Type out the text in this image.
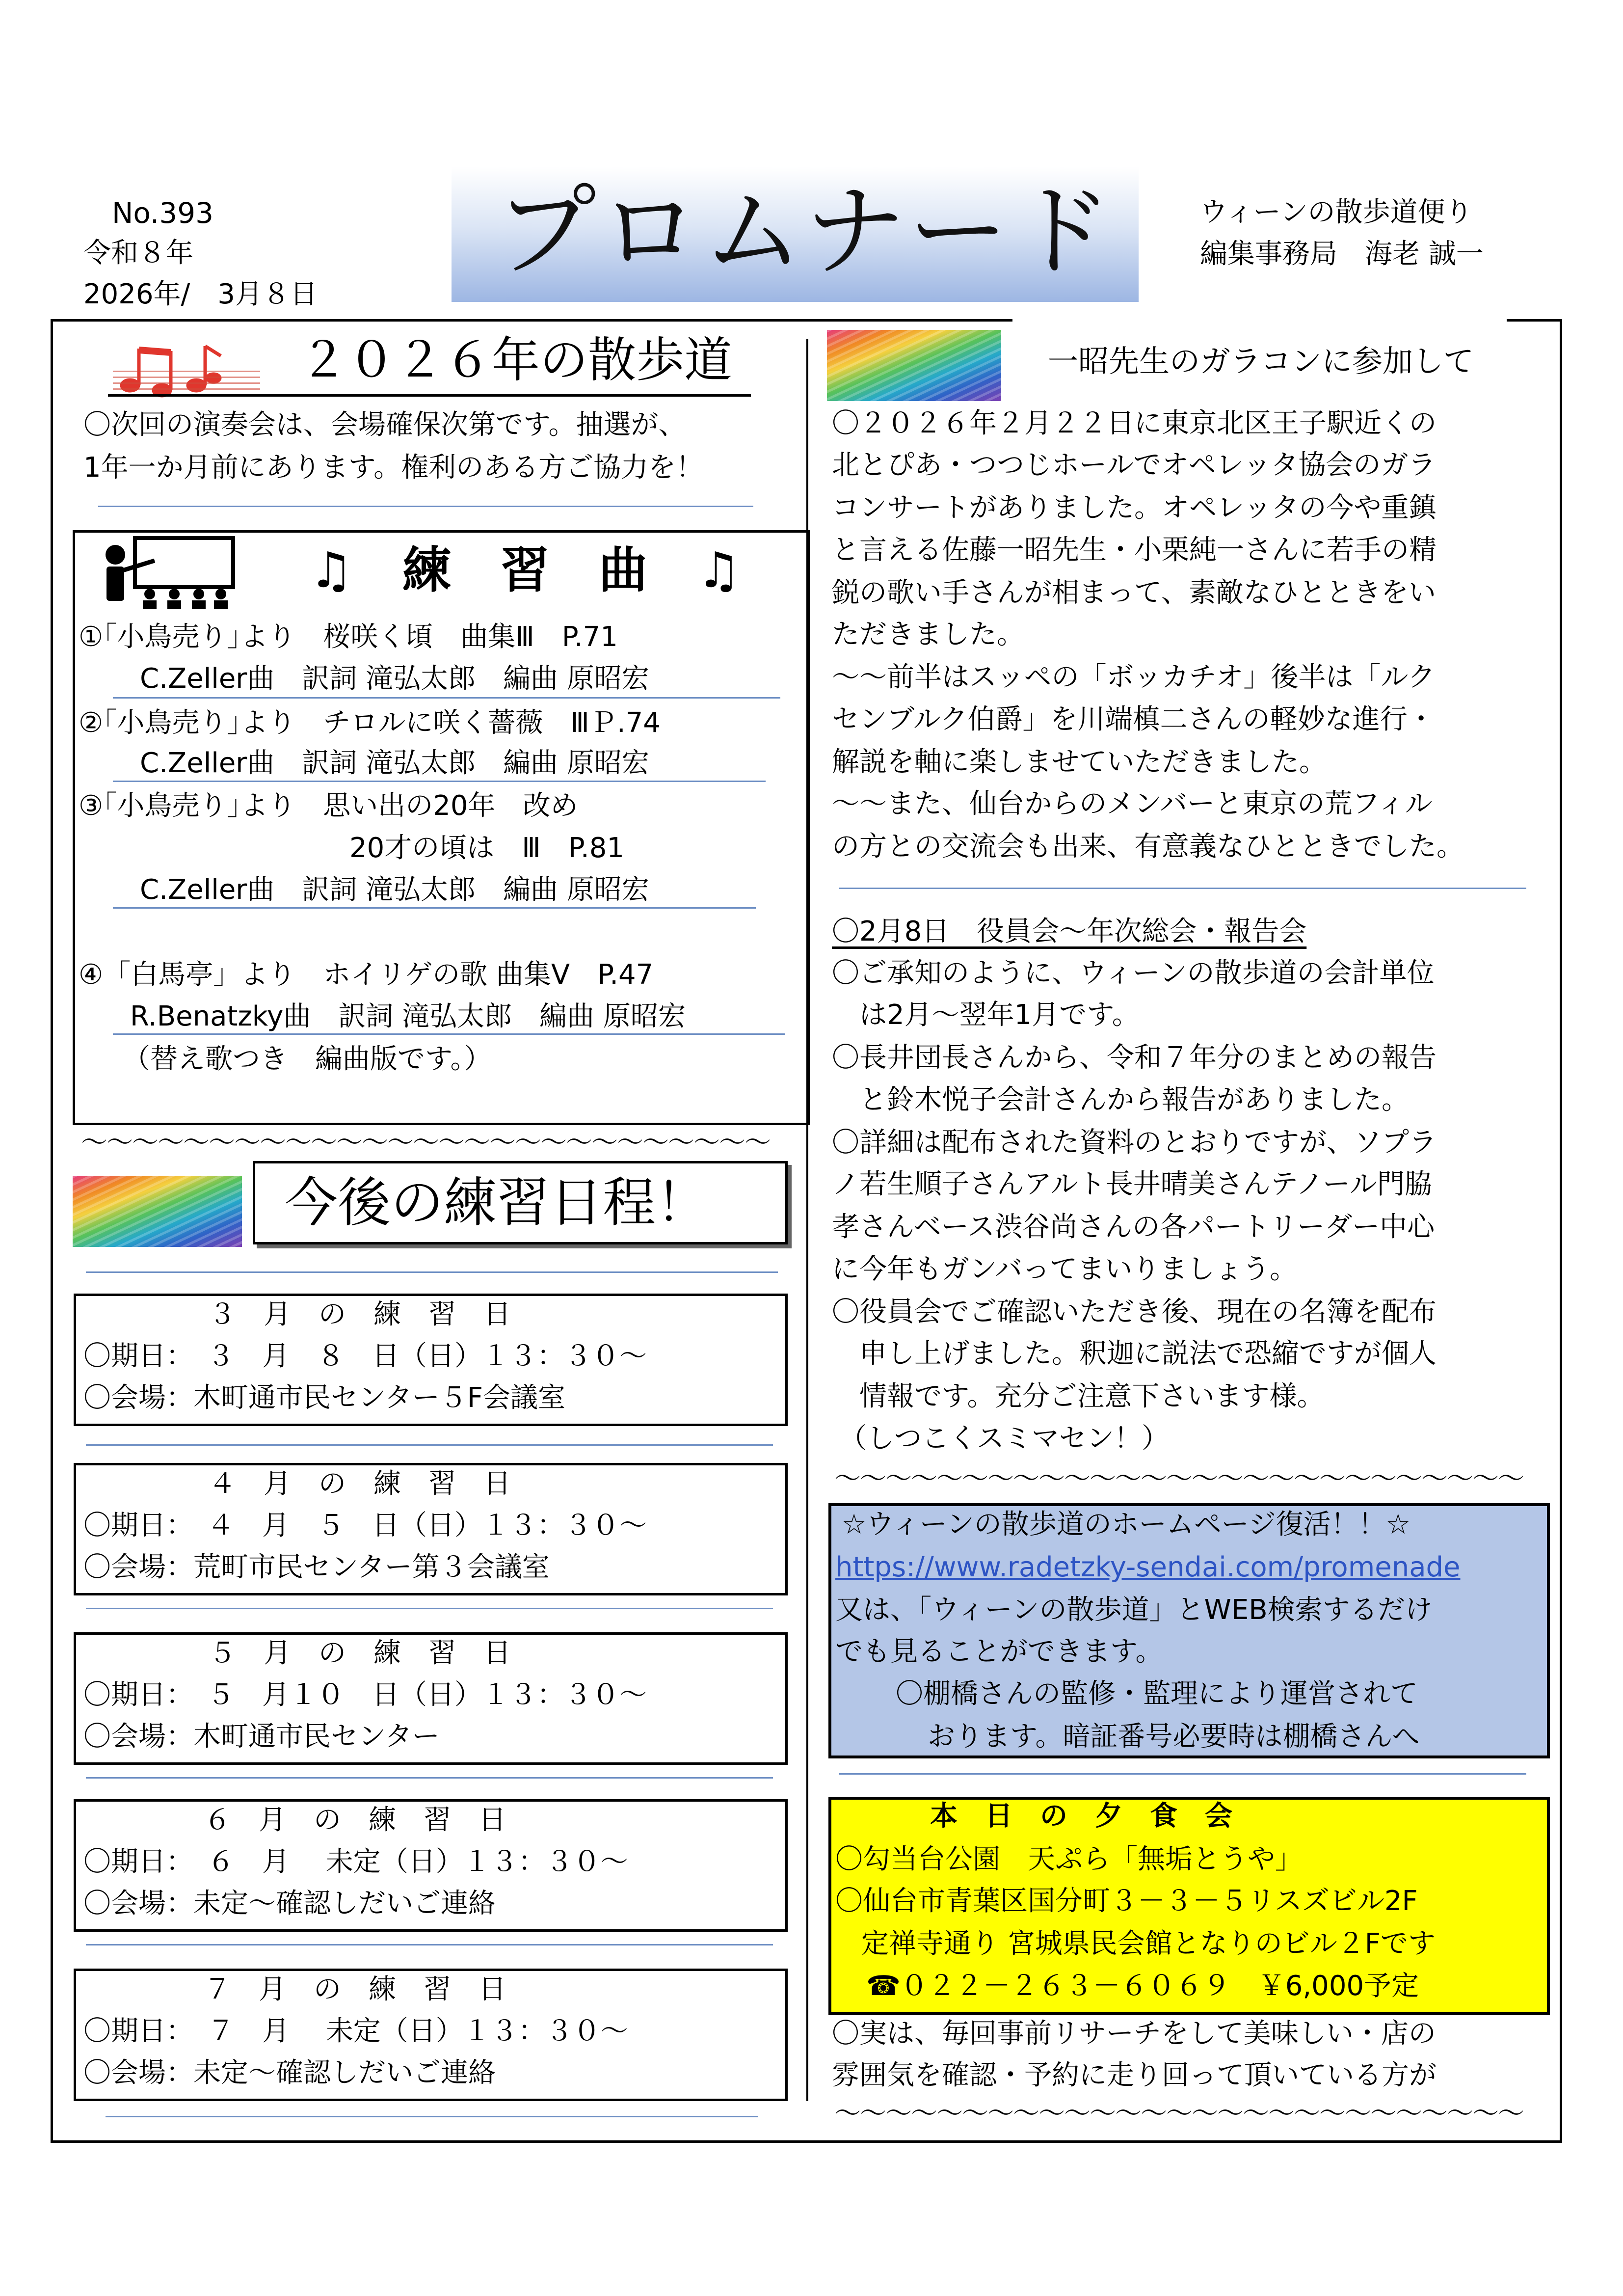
No.393
令和８年
2026年/　3月８日
プロムナード	ウィーンの散歩道便り
編集事務局　海老 誠一
２０２６年の散歩道
〇次回の演奏会は、会場確保次第です。抽選が、
1年一か月前にあります。権利のある方ご協力を！
♫　練　習　曲　♫
①｢小鳥売り｣より　桜咲く頃　曲集Ⅲ　P.71
C.Zeller曲　訳詞 滝弘太郎　編曲 原昭宏
②｢小鳥売り｣より　チロルに咲く薔薇　ⅢＰ.74
C.Zeller曲　訳詞 滝弘太郎　編曲 原昭宏
③｢小鳥売り｣より　思い出の20年　改め
20才の頃は　Ⅲ　P.81
C.Zeller曲　訳詞 滝弘太郎　編曲 原昭宏
④「白馬亭」より　ホイリゲの歌 曲集Ⅴ　P.47
R.Benatzky曲　訳詞 滝弘太郎　編曲 原昭宏
（替え歌つき　編曲版です。）
〜〜〜〜〜〜〜〜〜〜〜〜〜〜〜〜〜〜〜〜〜〜〜〜〜〜〜
今後の練習日程！
３　月　の　練　習　日
〇期日：　３　月　８　日（日）１３：３０～
〇会場：木町通市民センター５F会議室
４　月　の　練　習　日
〇期日：　４　月　５　日（日）１３：３０～
〇会場：荒町市民センター第３会議室
５　月　の　練　習　日
〇期日：　５　月１０　日（日）１３：３０～
〇会場：木町通市民センター
６　月　の　練　習　日
〇期日：　６　月　 未定（日）１３：３０～
〇会場：未定～確認しだいご連絡
７　月　の　練　習　日
〇期日：　７　月　 未定（日）１３：３０～
〇会場：未定～確認しだいご連絡
一昭先生のガラコンに参加して
〇２０２６年２月２２日に東京北区王子駅近くの
北とぴあ・つつじホールでオペレッタ協会のガラ
コンサートがありました。オペレッタの今や重鎮
と言える佐藤一昭先生・小栗純一さんに若手の精
鋭の歌い手さんが相まって、素敵なひとときをい
ただきました。
～～前半はスッペの「ボッカチオ」後半は「ルク
センブルク伯爵」を川端槙二さんの軽妙な進行・
解説を軸に楽しませていただきました。
～～また、仙台からのメンバーと東京の荒フィル
の方との交流会も出来、有意義なひとときでした。
〇2月8日　役員会～年次総会・報告会
〇ご承知のように、ウィーンの散歩道の会計単位
　は2月～翌年1月です。
〇長井団長さんから、令和７年分のまとめの報告
　と鈴木悦子会計さんから報告がありました。
〇詳細は配布された資料のとおりですが、ソプラ
ノ若生順子さんアルト長井晴美さんテノール門脇
孝さんベース渋谷尚さんの各パートリーダー中心
に今年もガンバってまいりましょう。
〇役員会でご確認いただき後、現在の名簿を配布
　申し上げました。釈迦に説法で恐縮ですが個人
　情報です。充分ご注意下さいます様。
（しつこくスミマセン！）
〜〜〜〜〜〜〜〜〜〜〜〜〜〜〜〜〜〜〜〜〜〜〜〜〜〜〜
☆ウィーンの散歩道のホームページ復活！！☆
https://www.radetzky-sendai.com/promenade
又は、「ウィーンの散歩道」とWEB検索するだけ
でも見ることができます。
〇棚橋さんの監修・監理により運営されて
おります。暗証番号必要時は棚橋さんへ
本　日　の　夕　食　会
〇勾当台公園　天ぷら「無垢とうや」
〇仙台市青葉区国分町３－３－５リスズビル2F
定禅寺通り 宮城県民会館となりのビル２Fです
☎０２２－２６３－６０６９　￥6,000予定
〇実は、毎回事前リサーチをして美味しい・店の
雰囲気を確認・予約に走り回って頂いている方が
〜〜〜〜〜〜〜〜〜〜〜〜〜〜〜〜〜〜〜〜〜〜〜〜〜〜〜
